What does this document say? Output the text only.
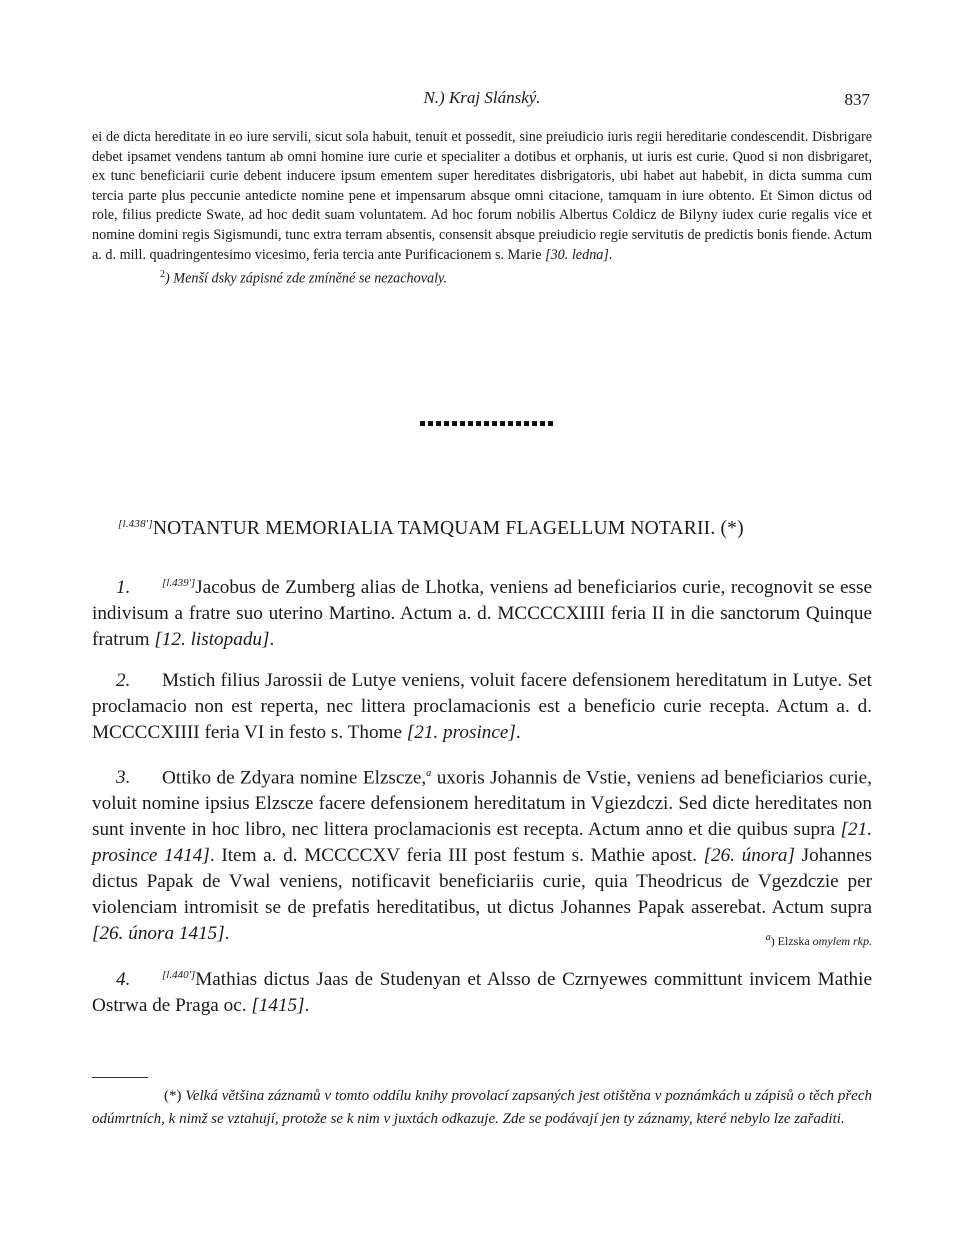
N.) Kraj Slánský.	837

ei de dicta hereditate in eo iure servili, sicut sola habuit, tenuit et possedit, sine preiudicio iuris regii hereditarie condescendit. Disbrigare debet ipsamet vendens tantum ab omni homine iure curie et specialiter a dotibus et orphanis, ut iuris est curie. Quod si non disbrigaret, ex tunc beneficiarii curie debent inducere ipsum ementem super hereditates disbrigatoris, ubi habet aut habebit, in dicta summa cum tercia parte plus peccunie antedicte nomine pene et impensarum absque omni citacione, tamquam in iure obtento. Et Simon dictus od role, filius predicte Swate, ad hoc dedit suam voluntatem. Ad hoc forum nobilis Albertus Coldicz de Bilyny iudex curie regalis vice et nomine domini regis Sigismundi, tunc extra terram absentis, consensit absque preiudicio regie servitutis de predictis bonis fiende. Actum a. d. mill. quadringentesimo vicesimo, feria tercia ante Purificacionem s. Marie [30. ledna].

$^2$) Menší dsky zápisné zde zmíněné se nezachovaly.

[l.438']NOTANTUR MEMORIALIA TAMQUAM FLAGELLUM NOTARII. (*)

1.	[l.439']Jacobus de Zumberg alias de Lhotka, veniens ad beneficiarios curie, recognovit se esse indivisum a fratre suo uterino Martino. Actum a. d. MCCCCXIIII feria II in die sanctorum Quinque fratrum [12. listopadu].

2. Mstich filius Jarossii de Lutye veniens, voluit facere defensionem hereditatum in Lutye. Set proclamacio non est reperta, nec littera proclamacionis est a beneficio curie recepta. Actum a. d. MCCCCXIIII feria VI in festo s. Thome [21. prosince].

3. Ottiko de Zdyara nomine Elzscze,$^a$ uxoris Johannis de Vstie, veniens ad beneficiarios curie, voluit nomine ipsius Elzscze facere defensionem hereditatum in Vgiezdczi. Sed dicte hereditates non sunt invente in hoc libro, nec littera proclamacionis est recepta. Actum anno et die quibus supra [21. prosince 1414]. Item a. d. MCCCCXV feria III post festum s. Mathie apost. [26. února] Johannes dictus Papak de Vwal veniens, notificavit beneficiariis curie, quia Theodricus de Vgezdczie per violenciam intromisit se de prefatis hereditatibus, ut dictus Johannes Papak asserebat. Actum supra [26. února 1415].	$^a$) Elzska omylem rkp.

4.	[l.440']Mathias dictus Jaas de Studenyan et Alsso de Czrnyewes committunt invicem Mathie Ostrwa de Praga oc. [1415].

(*) Velká většina záznamů v tomto oddílu knihy provolací zapsaných jest otištěna v poznámkách u zápisů o těch přech odúmrtních, k nimž se vztahují, protože se k nim v juxtách odkazuje. Zde se podávají jen ty záznamy, které nebylo lze zařaditi.
